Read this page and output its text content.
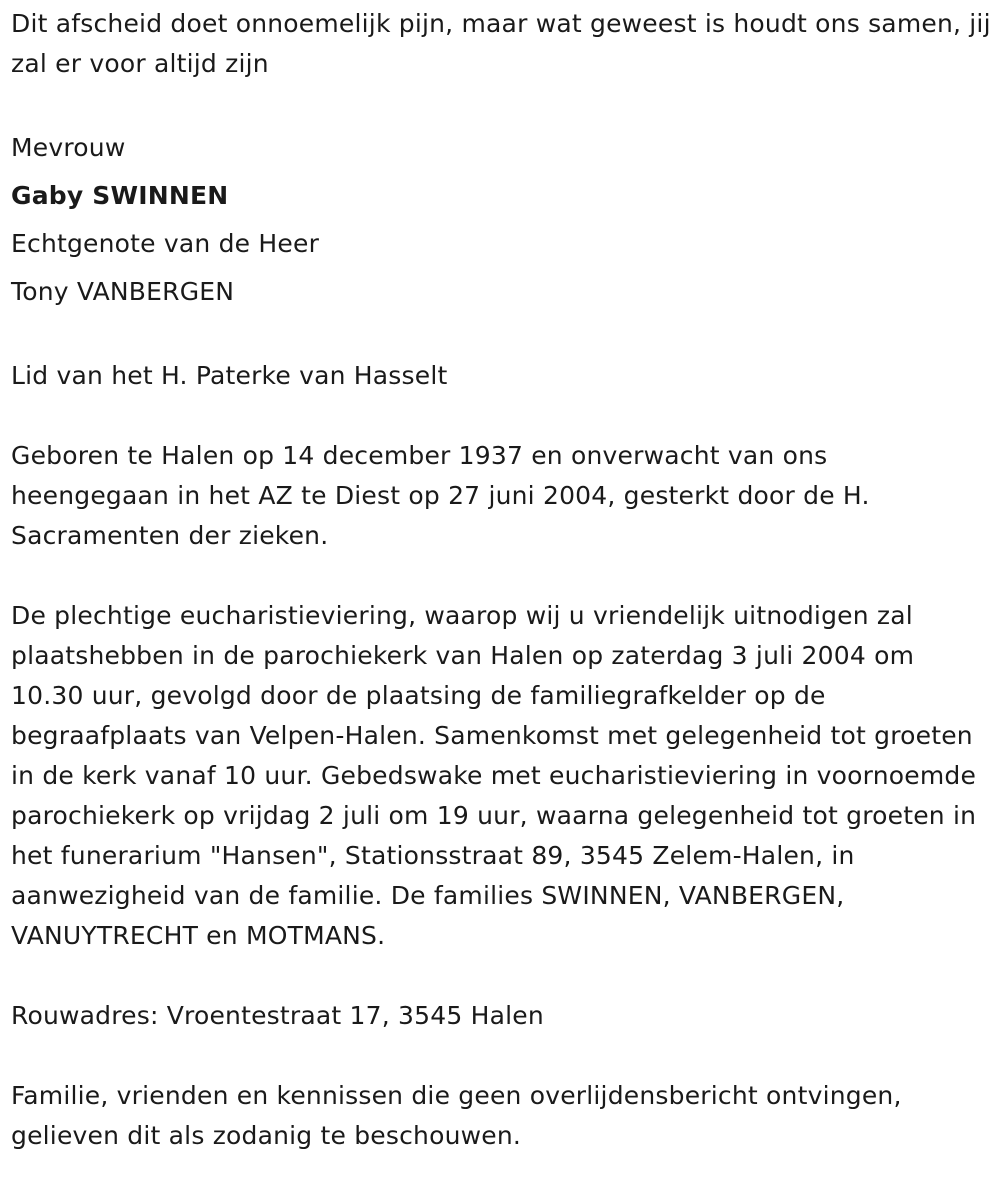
Dit afscheid doet onnoemelijk pijn, maar wat geweest is houdt ons samen, jij zal er voor altijd zijn

Mevrouw
Gaby SWINNEN
Echtgenote van de Heer
Tony VANBERGEN

Lid van het H. Paterke van Hasselt

Geboren te Halen op 14 december 1937 en onverwacht van ons heengegaan in het AZ te Diest op 27 juni 2004, gesterkt door de H. Sacramenten der zieken.

De plechtige eucharistieviering, waarop wij u vriendelijk uitnodigen zal plaatshebben in de parochiekerk van Halen op zaterdag 3 juli 2004 om 10.30 uur, gevolgd door de plaatsing de familiegrafkelder op de begraafplaats van Velpen-Halen. Samenkomst met gelegenheid tot groeten in de kerk vanaf 10 uur. Gebedswake met eucharistieviering in voornoemde parochiekerk op vrijdag 2 juli om 19 uur, waarna gelegenheid tot groeten in het funerarium "Hansen", Stationsstraat 89, 3545 Zelem-Halen, in aanwezigheid van de familie. De families SWINNEN, VANBERGEN, VANUYTRECHT en MOTMANS.

Rouwadres: Vroentestraat 17, 3545 Halen

Familie, vrienden en kennissen die geen overlijdensbericht ontvingen, gelieven dit als zodanig te beschouwen.
